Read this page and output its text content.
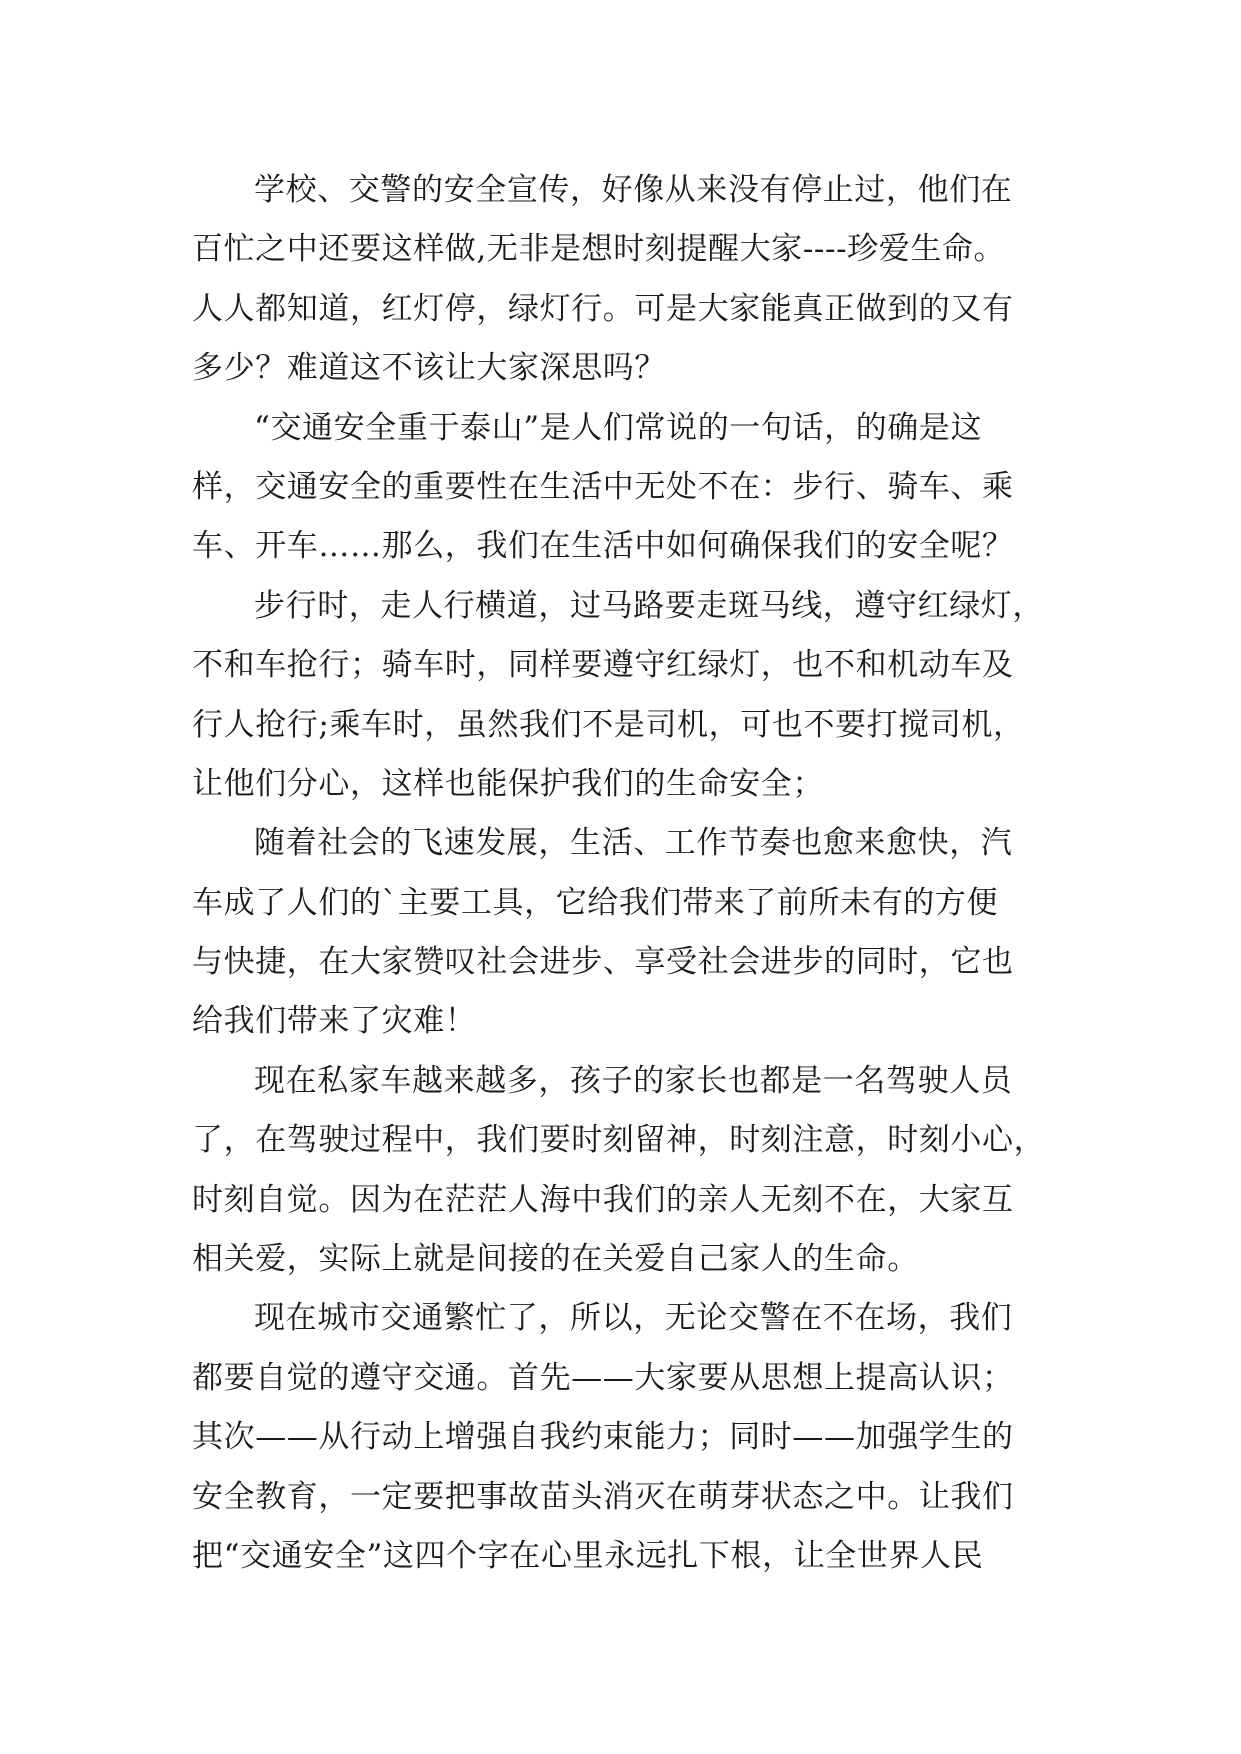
学校、交警的安全宣传，好像从来没有停止过，他们在
百忙之中还要这样做,无非是想时刻提醒大家----珍爱生命。
人人都知道，红灯停，绿灯行。可是大家能真正做到的又有
多少？难道这不该让大家深思吗？
“交通安全重于泰山”是人们常说的一句话，的确是这
样，交通安全的重要性在生活中无处不在：步行、骑车、乘
车、开车……那么，我们在生活中如何确保我们的安全呢？
步行时，走人行横道，过马路要走斑马线，遵守红绿灯，
不和车抢行；骑车时，同样要遵守红绿灯，也不和机动车及
行人抢行;乘车时，虽然我们不是司机，可也不要打搅司机，
让他们分心，这样也能保护我们的生命安全；
随着社会的飞速发展，生活、工作节奏也愈来愈快，汽
车成了人们的`主要工具，它给我们带来了前所未有的方便
与快捷，在大家赞叹社会进步、享受社会进步的同时，它也
给我们带来了灾难！
现在私家车越来越多，孩子的家长也都是一名驾驶人员
了，在驾驶过程中，我们要时刻留神，时刻注意，时刻小心，
时刻自觉。因为在茫茫人海中我们的亲人无刻不在，大家互
相关爱，实际上就是间接的在关爱自己家人的生命。
现在城市交通繁忙了，所以，无论交警在不在场，我们
都要自觉的遵守交通。首先——大家要从思想上提高认识；
其次——从行动上增强自我约束能力；同时——加强学生的
安全教育，一定要把事故苗头消灭在萌芽状态之中。让我们
把“交通安全”这四个字在心里永远扎下根，让全世界人民
